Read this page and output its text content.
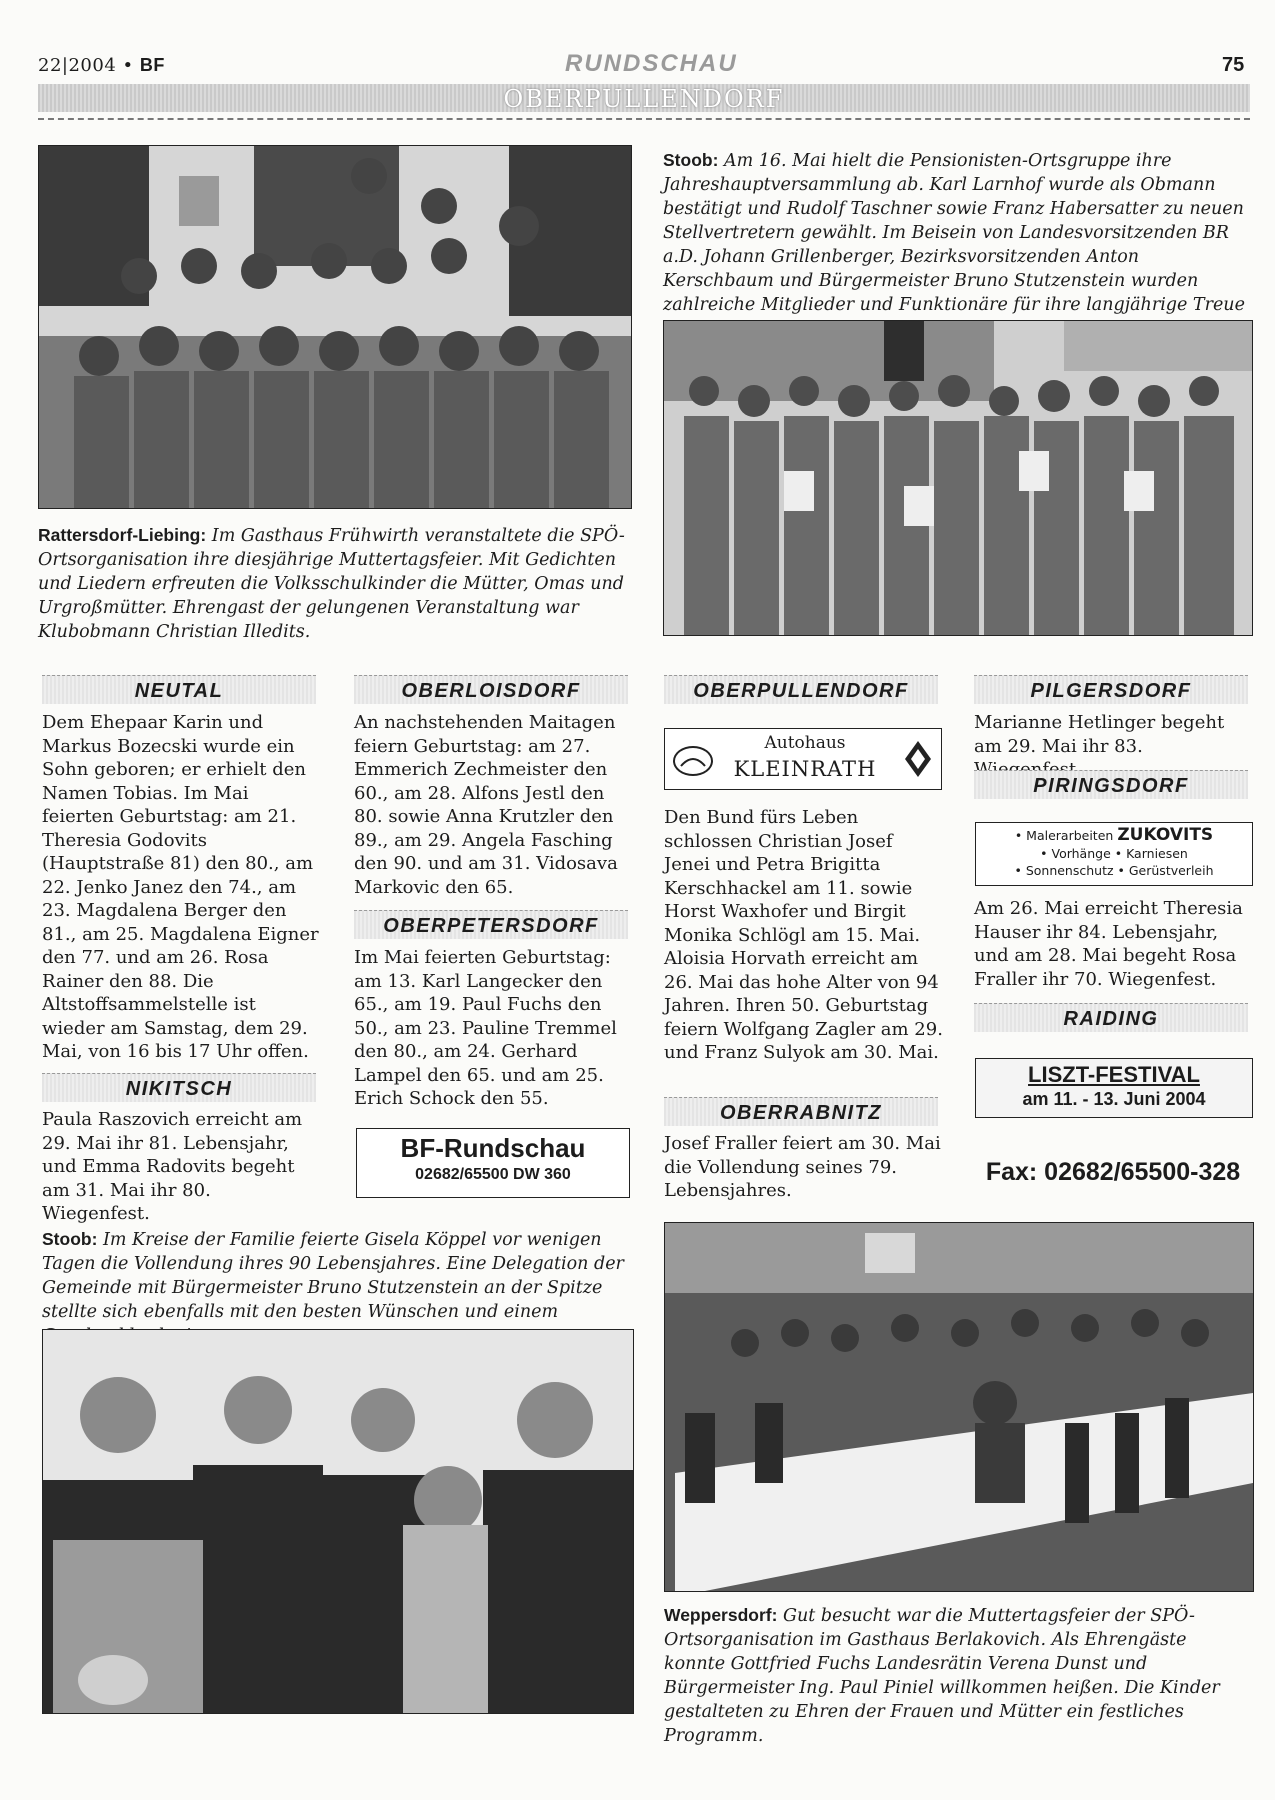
22|2004 • BF	RUNDSCHAU	75
OBERPULLENDORF
Rattersdorf-Liebing: Im Gasthaus Frühwirth veranstaltete die SPÖ-Ortsorganisation ihre diesjährige Muttertagsfeier. Mit Gedichten und Liedern erfreuten die Volksschulkinder die Mütter, Omas und Urgroßmütter. Ehrengast der gelungenen Veranstaltung war Klubobmann Christian Illedits.
Stoob: Am 16. Mai hielt die Pensionisten-Ortsgruppe ihre Jahreshauptversammlung ab. Karl Larnhof wurde als Obmann bestätigt und Rudolf Taschner sowie Franz Habersatter zu neuen Stellvertretern gewählt. Im Beisein von Landesvorsitzenden BR a.D. Johann Grillenberger, Bezirksvorsitzenden Anton Kerschbaum und Bürgermeister Bruno Stutzenstein wurden zahlreiche Mitglieder und Funktionäre für ihre langjährige Treue
NEUTAL
Dem Ehepaar Karin und Markus Bozecski wurde ein Sohn geboren; er erhielt den Namen Tobias. Im Mai feierten Geburtstag: am 21. Theresia Godovits (Hauptstraße 81) den 80., am 22. Jenko Janez den 74., am 23. Magdalena Berger den 81., am 25. Magdalena Eigner den 77. und am 26. Rosa Rainer den 88. Die Altstoffsammelstelle ist wieder am Samstag, dem 29. Mai, von 16 bis 17 Uhr offen.
NIKITSCH
Paula Raszovich erreicht am 29. Mai ihr 81. Lebensjahr, und Emma Radovits begeht am 31. Mai ihr 80. Wiegenfest.
OBERLOISDORF
An nachstehenden Maitagen feiern Geburtstag: am 27. Emmerich Zechmeister den 60., am 28. Alfons Jestl den 80. sowie Anna Krutzler den 89., am 29. Angela Fasching den 90. und am 31. Vidosava Markovic den 65.
OBERPETERSDORF
Im Mai feierten Geburtstag: am 13. Karl Langecker den 65., am 19. Paul Fuchs den 50., am 23. Pauline Tremmel den 80., am 24. Gerhard Lampel den 65. und am 25. Erich Schock den 55.
BF-Rundschau
02682/65500 DW 360
OBERPULLENDORF
Autohaus
KLEINRATH
Den Bund fürs Leben schlossen Christian Josef Jenei und Petra Brigitta Kerschhackel am 11. sowie Horst Waxhofer und Birgit Monika Schlögl am 15. Mai. Aloisia Horvath erreicht am 26. Mai das hohe Alter von 94 Jahren. Ihren 50. Geburtstag feiern Wolfgang Zagler am 29. und Franz Sulyok am 30. Mai.
OBERRABNITZ
Josef Fraller feiert am 30. Mai die Vollendung seines 79. Lebensjahres.
PILGERSDORF
Marianne Hetlinger begeht am 29. Mai ihr 83.
PIRINGSDORF
• Malerarbeiten ZUKOVITS
• Vorhänge • Karniesen
• Sonnenschutz • Gerüstverleih
Am 26. Mai erreicht Theresia Hauser ihr 84. Lebensjahr, und am 28. Mai begeht Rosa Fraller ihr 70. Wiegenfest.
RAIDING
LISZT-FESTIVAL
am 11. - 13. Juni 2004
Fax: 02682/65500-328
Stoob: Im Kreise der Familie feierte Gisela Köppel vor wenigen Tagen die Vollendung ihres 90 Lebensjahres. Eine Delegation der Gemeinde mit Bürgermeister Bruno Stutzenstein an der Spitze stellte sich ebenfalls mit den besten Wünschen und einem
Weppersdorf: Gut besucht war die Muttertagsfeier der SPÖ-Ortsorganisation im Gasthaus Berlakovich. Als Ehrengäste konnte Gottfried Fuchs Landesrätin Verena Dunst und Bürgermeister Ing. Paul Piniel willkommen heißen. Die Kinder gestalteten zu Ehren der Frauen und Mütter ein festliches Programm.
